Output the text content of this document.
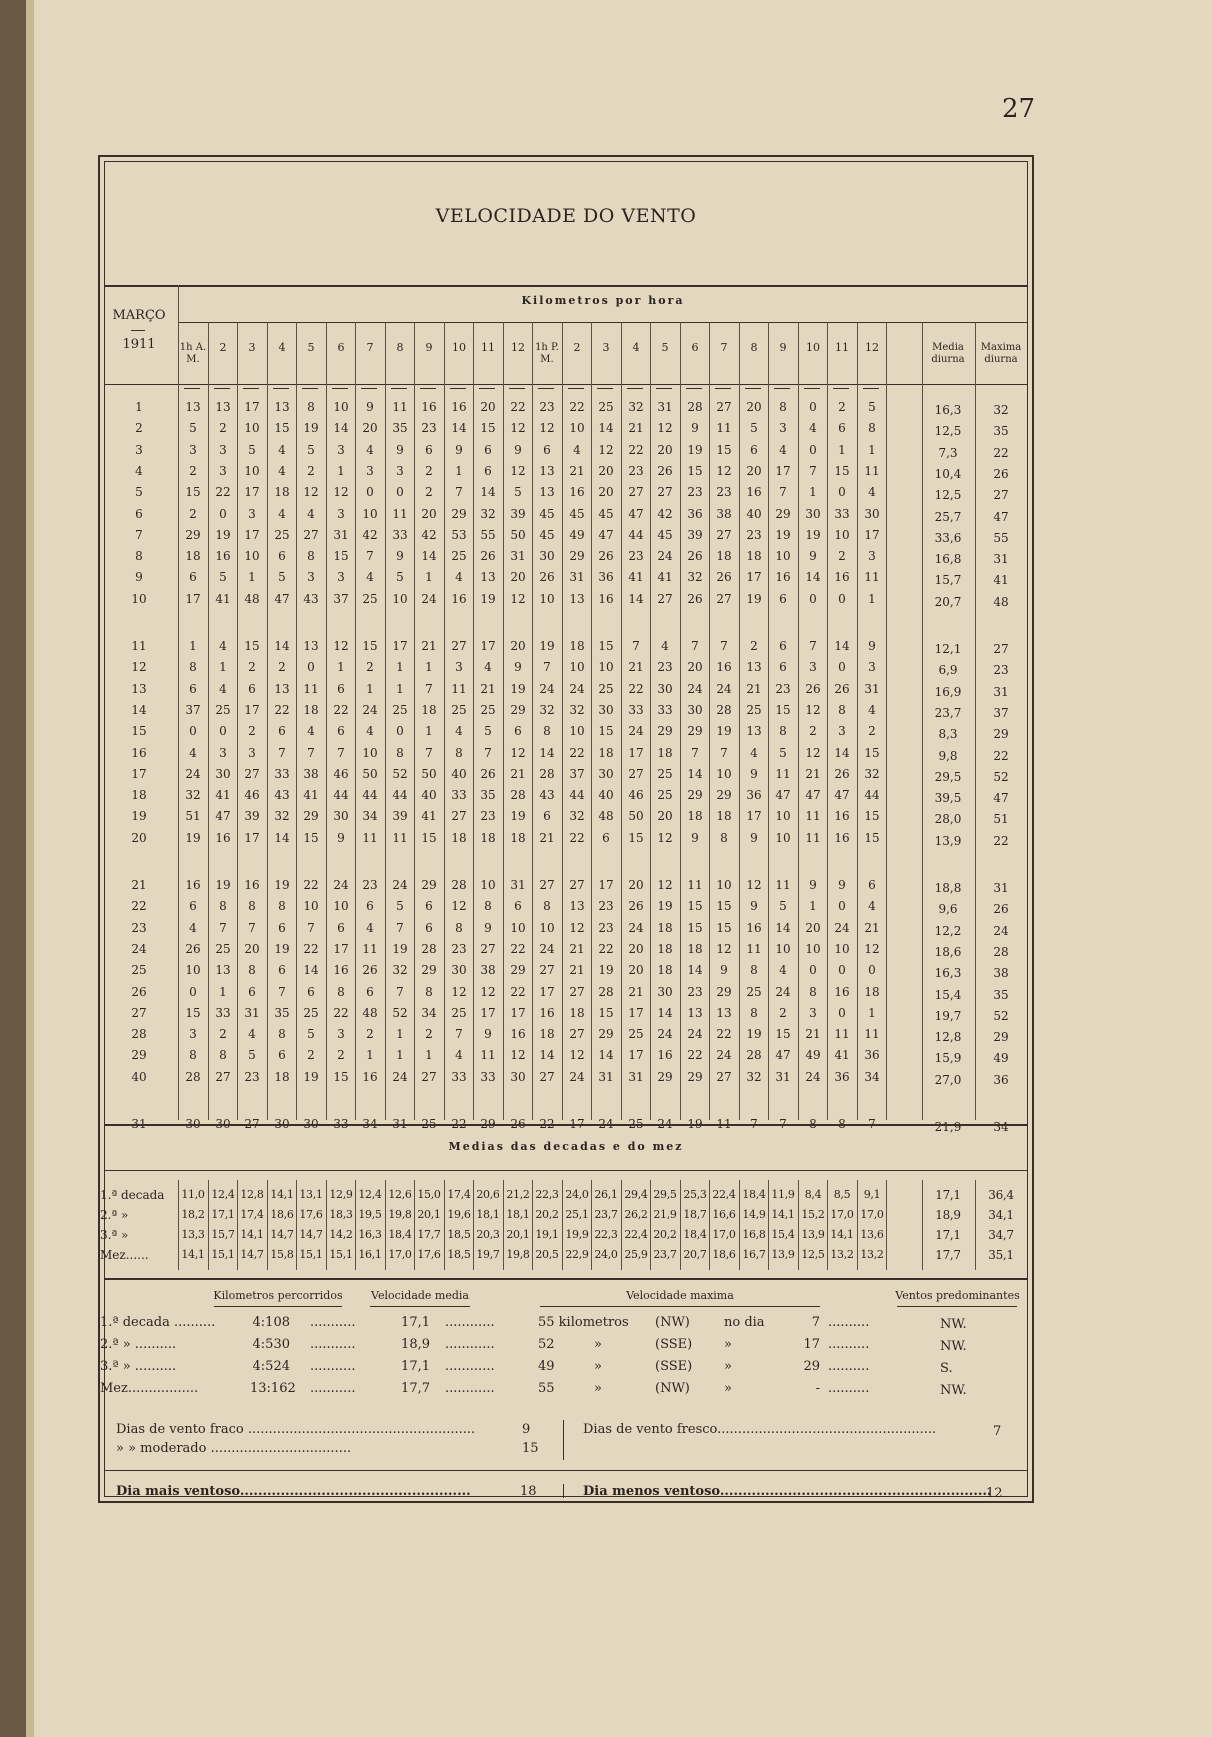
27
VELOCIDADE DO VENTO
Kilometros por hora
MARÇO
1911	1h A. M.
2	3	4	5	6	7	8	9	10	11	12	1h P. M.
2	3	4	5	6	7	8	9	10	11	12	Media diurna
Maxima diurna
1	13	13	17	13	8	10	9	11	16	16	20	22	23	22	25	32	31	28	27	20	8	0	2	5	16,3	32
2	5	2	10	15	19	14	20	35	23	14	15	12	12	10	14	21	12	9	11	5	3	4	6	8	12,5	35
3	3	3	5	4	5	3	4	9	6	9	6	9	6	4	12	22	20	19	15	6	4	0	1	1	7,3	22
4	2	3	10	4	2	1	3	3	2	1	6	12	13	21	20	23	26	15	12	20	17	7	15	11	10,4	26
5	15	22	17	18	12	12	0	0	2	7	14	5	13	16	20	27	27	23	23	16	7	1	0	4	12,5	27
6	2	0	3	4	4	3	10	11	20	29	32	39	45	45	45	47	42	36	38	40	29	30	33	30	25,7	47
7	29	19	17	25	27	31	42	33	42	53	55	50	45	49	47	44	45	39	27	23	19	19	10	17	33,6	55
8	18	16	10	6	8	15	7	9	14	25	26	31	30	29	26	23	24	26	18	18	10	9	2	3	16,8	31
9	6	5	1	5	3	3	4	5	1	4	13	20	26	31	36	41	41	32	26	17	16	14	16	11	15,7	41
10	17	41	48	47	43	37	25	10	24	16	19	12	10	13	16	14	27	26	27	19	6	0	0	1	20,7	48
11	1	4	15	14	13	12	15	17	21	27	17	20	19	18	15	7	4	7	7	2	6	7	14	9	12,1	27
12	8	1	2	2	0	1	2	1	1	3	4	9	7	10	10	21	23	20	16	13	6	3	0	3	6,9	23
13	6	4	6	13	11	6	1	1	7	11	21	19	24	24	25	22	30	24	24	21	23	26	26	31	16,9	31
14	37	25	17	22	18	22	24	25	18	25	25	29	32	32	30	33	33	30	28	25	15	12	8	4	23,7	37
15	0	0	2	6	4	6	4	0	1	4	5	6	8	10	15	24	29	29	19	13	8	2	3	2	8,3	29
16	4	3	3	7	7	7	10	8	7	8	7	12	14	22	18	17	18	7	7	4	5	12	14	15	9,8	22
17	24	30	27	33	38	46	50	52	50	40	26	21	28	37	30	27	25	14	10	9	11	21	26	32	29,5	52
18	32	41	46	43	41	44	44	44	40	33	35	28	43	44	40	46	25	29	29	36	47	47	47	44	39,5	47
19	51	47	39	32	29	30	34	39	41	27	23	19	6	32	48	50	20	18	18	17	10	11	16	15	28,0	51
20	19	16	17	14	15	9	11	11	15	18	18	18	21	22	6	15	12	9	8	9	10	11	16	15	13,9	22
21	16	19	16	19	22	24	23	24	29	28	10	31	27	27	17	20	12	11	10	12	11	9	9	6	18,8	31
22	6	8	8	8	10	10	6	5	6	12	8	6	8	13	23	26	19	15	15	9	5	1	0	4	9,6	26
23	4	7	7	6	7	6	4	7	6	8	9	10	10	12	23	24	18	15	15	16	14	20	24	21	12,2	24
24	26	25	20	19	22	17	11	19	28	23	27	22	24	21	22	20	18	18	12	11	10	10	10	12	18,6	28
25	10	13	8	6	14	16	26	32	29	30	38	29	27	21	19	20	18	14	9	8	4	0	0	0	16,3	38
26	0	1	6	7	6	8	6	7	8	12	12	22	17	27	28	21	30	23	29	25	24	8	16	18	15,4	35
27	15	33	31	35	25	22	48	52	34	25	17	17	16	18	15	17	14	13	13	8	2	3	0	1	19,7	52
28	3	2	4	8	5	3	2	1	2	7	9	16	18	27	29	25	24	24	22	19	15	21	11	11	12,8	29
29	8	8	5	6	2	2	1	1	1	4	11	12	14	12	14	17	16	22	24	28	47	49	41	36	15,9	49
40	28	27	23	18	19	15	16	24	27	33	33	30	27	24	31	31	29	29	27	32	31	24	36	34	27,0	36
31	30	30	27	30	30	33	34	31	25	22	29	26	22	17	24	25	24	19	11	7	7	8	8	7	21,9	34
Medias das decadas e do mez
1.ª decada	11,0 12,4 12,8 14,1 13,1 12,9 12,4 12,6 15,0 17,4 20,6 21,2 22,3 24,0 26,1 29,4 29,5 25,3 22,4 18,4 11,9 8,4	8,5	9,1	17,1	36,4
2.ª »	18,2 17,1 17,4 18,6 17,6 18,3 19,5 19,8 20,1 19,6 18,1 18,1 20,2 25,1 23,7 26,2 21,9 18,7 16,6 14,9 14,1 15,2 17,0 17,0	18,9	34,1
3.ª »	13,3 15,7 14,1 14,7 14,7 14,2 16,3 18,4 17,7 18,5 20,3 20,1 19,1 19,9 22,3 22,4 20,2 18,4 17,0 16,8 15,4 13,9 14,1 13,6	17,1	34,7
Mez......	14,1 15,1 14,7 15,8 15,1 15,1 16,1 17,0 17,6 18,5 19,7 19,8 20,5 22,9 24,0 25,9 23,7 20,7 18,6 16,7 13,9 12,5 13,2 13,2	17,7	35,1
Kilometros percorridos	Velocidade media	Velocidade maxima	Ventos predominantes
1.ª decada ..........	4:108 ...........	17,1 ............	55 kilometros (NW)	no dia	7 ..........	NW.
2.ª » ..........	4:530 ...........	18,9 ............	52	»	(SSE) »	17 ..........	NW.
3.ª » ..........	4:524 ...........	17,1 ............	49	»	(SSE) »	29 ..........	S.
Mez.................	13:162 ...........	17,7 ............	55	»	(NW)	»	- ..........	NW.
Dias de vento fraco .......................................................	9
» » moderado ..................................	15
Dias de vento fresco.....................................................	7
Dia mais ventoso...................................................	18	Dia menos ventoso............................................................
12
